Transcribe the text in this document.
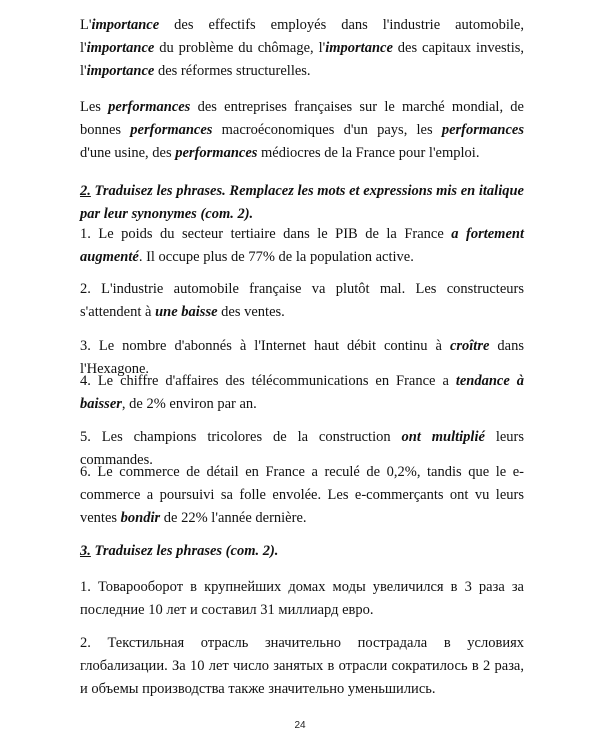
L'importance des effectifs employés dans l'industrie automobile, l'importance du problème du chômage, l'importance des capitaux investis, l'importance des réformes structurelles.

Les performances des entreprises françaises sur le marché mondial, de bonnes performances macroéconomiques d'un pays, les performances d'une usine, des performances médiocres de la France pour l'emploi.

2. Traduisez les phrases. Remplacez les mots et expressions mis en italique par leur synonymes (com. 2).

1. Le poids du secteur tertiaire dans le PIB de la France a fortement augmenté. Il occupe plus de 77% de la population active.

2. L'industrie automobile française va plutôt mal. Les constructeurs s'attendent à une baisse des ventes.

3. Le nombre d'abonnés à l'Internet haut débit continu à croître dans l'Hexagone.

4. Le chiffre d'affaires des télécommunications en France a tendance à baisser, de 2% environ par an.

5. Les champions tricolores de la construction ont multiplié leurs commandes.

6. Le commerce de détail en France a reculé de 0,2%, tandis que le e-commerce a poursuivi sa folle envolée. Les e-commerçants ont vu leurs ventes bondir de 22% l'année dernière.

3. Traduisez les phrases (com. 2).

1. Товарооборот в крупнейших домах моды увеличился в 3 раза за последние 10 лет и составил 31 миллиард евро.

2. Текстильная отрасль значительно пострадала в условиях глобализации. За 10 лет число занятых в отрасли сократилось в 2 раза, и объемы производства также значительно уменьшились.

24
